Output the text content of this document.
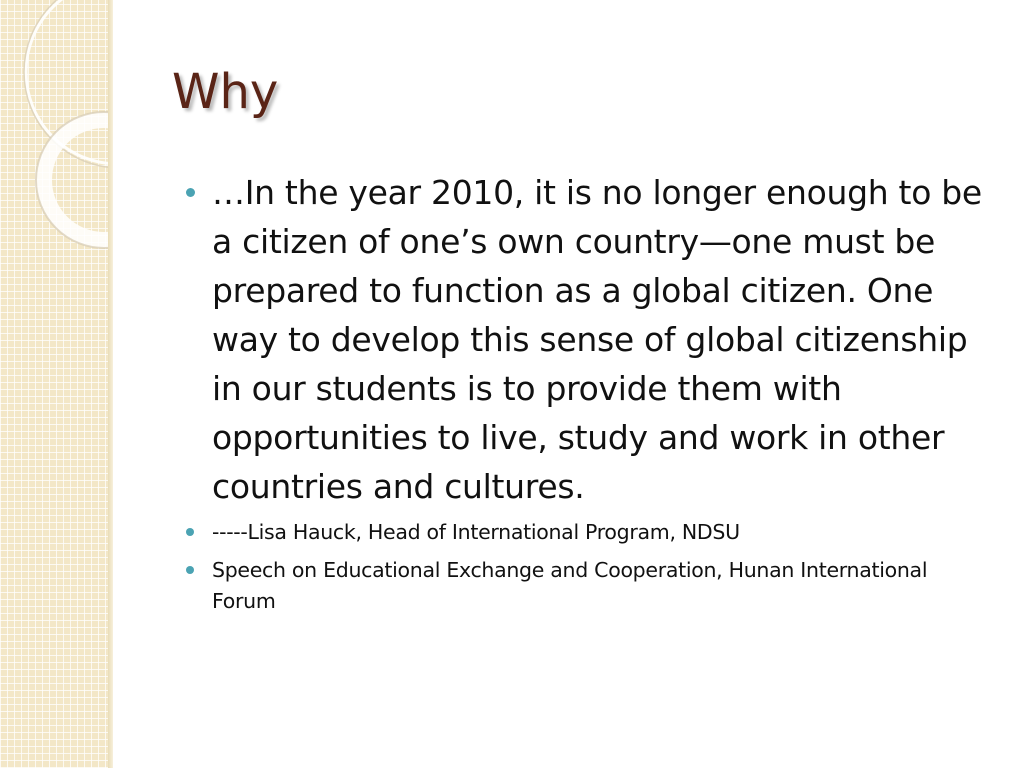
Why
…In the year 2010, it is no longer enough to be a citizen of one’s own country—one must be prepared to function as a global citizen. One way to develop this sense of global citizenship in our students is to provide them with opportunities to live, study and work in other countries and cultures.
-----Lisa Hauck, Head of International Program, NDSU
Speech on Educational Exchange and Cooperation, Hunan International Forum
